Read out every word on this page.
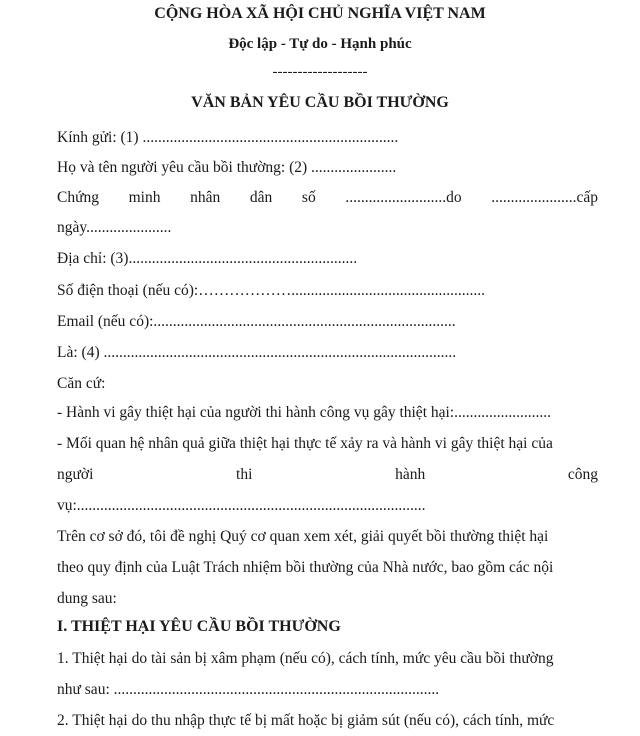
CỘNG HÒA XÃ HỘI CHỦ NGHĨA VIỆT NAM
Độc lập - Tự do - Hạnh phúc
-------------------
VĂN BẢN YÊU CẦU BỒI THƯỜNG
Kính gửi: (1) ..................................................................
Họ và tên người yêu cầu bồi thường: (2) ......................
Chứng minh nhân dân số ..........................do ......................cấp
ngày......................
Địa chỉ: (3)...........................................................
Số điện thoại (nếu có):………………..................................................
Email (nếu có):..............................................................................
Là: (4) ...........................................................................................
Căn cứ:
- Hành vi gây thiệt hại của người thi hành công vụ gây thiệt hại:.........................
- Mối quan hệ nhân quả giữa thiệt hại thực tế xảy ra và hành vi gây thiệt hại của
người	thi	hành	công
vụ:..........................................................................................
Trên cơ sở đó, tôi đề nghị Quý cơ quan xem xét, giải quyết bồi thường thiệt hại
theo quy định của Luật Trách nhiệm bồi thường của Nhà nước, bao gồm các nội
dung sau:
I. THIỆT HẠI YÊU CẦU BỒI THƯỜNG
1. Thiệt hại do tài sản bị xâm phạm (nếu có), cách tính, mức yêu cầu bồi thường
như sau: ....................................................................................
2. Thiệt hại do thu nhập thực tế bị mất hoặc bị giảm sút (nếu có), cách tính, mức
